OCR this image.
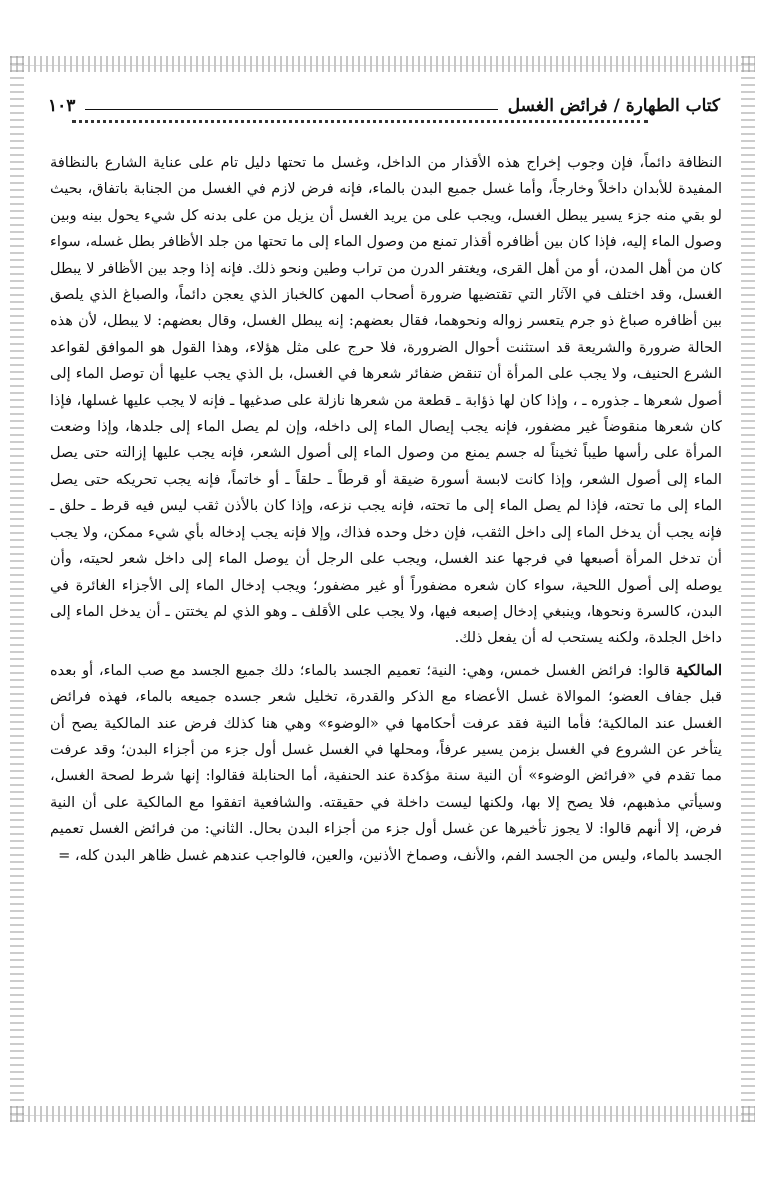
كتاب الطهارة / فرائض الغسل
١٠٣

النظافة دائماً، فإن وجوب إخراج هذه الأقذار من الداخل، وغسل ما تحتها دليل تام على عناية الشارع بالنظافة المفيدة للأبدان داخلاً وخارجاً، وأما غسل جميع البدن بالماء، فإنه فرض لازم في الغسل من الجنابة باتفاق، بحيث لو بقي منه جزء يسير يبطل الغسل، ويجب على من يريد الغسل أن يزيل من على بدنه كل شيء يحول بينه وبين وصول الماء إليه، فإذا كان بين أظافره أقذار تمنع من وصول الماء إلى ما تحتها من جلد الأظافر بطل غسله، سواء كان من أهل المدن، أو من أهل القرى، ويغتفر الدرن من تراب وطين ونحو ذلك. فإنه إذا وجد بين الأظافر لا يبطل الغسل، وقد اختلف في الآثار التي تقتضيها ضرورة أصحاب المهن كالخباز الذي يعجن دائماً، والصباغ الذي يلصق بين أظافره صباغ ذو جرم يتعسر زواله ونحوهما، فقال بعضهم: إنه يبطل الغسل، وقال بعضهم: لا يبطل، لأن هذه الحالة ضرورة والشريعة قد استثنت أحوال الضرورة، فلا حرج على مثل هؤلاء، وهذا القول هو الموافق لقواعد الشرع الحنيف، ولا يجب على المرأة أن تنقض ضفائر شعرها في الغسل، بل الذي يجب عليها أن توصل الماء إلى أصول شعرها ـ جذوره ـ ، وإذا كان لها ذؤابة ـ قطعة من شعرها نازلة على صدغيها ـ فإنه لا يجب عليها غسلها، فإذا كان شعرها منقوضاً غير مضفور، فإنه يجب إيصال الماء إلى داخله، وإن لم يصل الماء إلى جلدها، وإذا وضعت المرأة على رأسها طيباً ثخيناً له جسم يمنع من وصول الماء إلى أصول الشعر، فإنه يجب عليها إزالته حتى يصل الماء إلى أصول الشعر، وإذا كانت لابسة أسورة ضيقة أو قرطاً ـ حلقاً ـ أو خاتماً، فإنه يجب تحريكه حتى يصل الماء إلى ما تحته، فإذا لم يصل الماء إلى ما تحته، فإنه يجب نزعه، وإذا كان بالأذن ثقب ليس فيه قرط ـ حلق ـ فإنه يجب أن يدخل الماء إلى داخل الثقب، فإن دخل وحده فذاك، وإلا فإنه يجب إدخاله بأي شيء ممكن، ولا يجب أن تدخل المرأة أصبعها في فرجها عند الغسل، ويجب على الرجل أن يوصل الماء إلى داخل شعر لحيته، وأن يوصله إلى أصول اللحية، سواء كان شعره مضفوراً أو غير مضفور؛ ويجب إدخال الماء إلى الأجزاء الغائرة في البدن، كالسرة ونحوها، وينبغي إدخال إصبعه فيها، ولا يجب على الأقلف ـ وهو الذي لم يختتن ـ أن يدخل الماء إلى داخل الجلدة، ولكنه يستحب له أن يفعل ذلك.

المالكية قالوا: فرائض الغسل خمس، وهي: النية؛ تعميم الجسد بالماء؛ دلك جميع الجسد مع صب الماء، أو بعده قبل جفاف العضو؛ الموالاة غسل الأعضاء مع الذكر والقدرة، تخليل شعر جسده جميعه بالماء، فهذه فرائض الغسل عند المالكية؛ فأما النية فقد عرفت أحكامها في «الوضوء» وهي هنا كذلك فرض عند المالكية يصح أن يتأخر عن الشروع في الغسل بزمن يسير عرفاً، ومحلها في الغسل غسل أول جزء من أجزاء البدن؛ وقد عرفت مما تقدم في «فرائض الوضوء» أن النية سنة مؤكدة عند الحنفية، أما الحنابلة فقالوا: إنها شرط لصحة الغسل، وسيأتي مذهبهم، فلا يصح إلا بها، ولكنها ليست داخلة في حقيقته. والشافعية اتفقوا مع المالكية على أن النية فرض، إلا أنهم قالوا: لا يجوز تأخيرها عن غسل أول جزء من أجزاء البدن بحال. الثاني: من فرائض الغسل تعميم الجسد بالماء، وليس من الجسد الفم، والأنف، وصماخ الأذنين، والعين، فالواجب عندهم غسل ظاهر البدن كله، =
